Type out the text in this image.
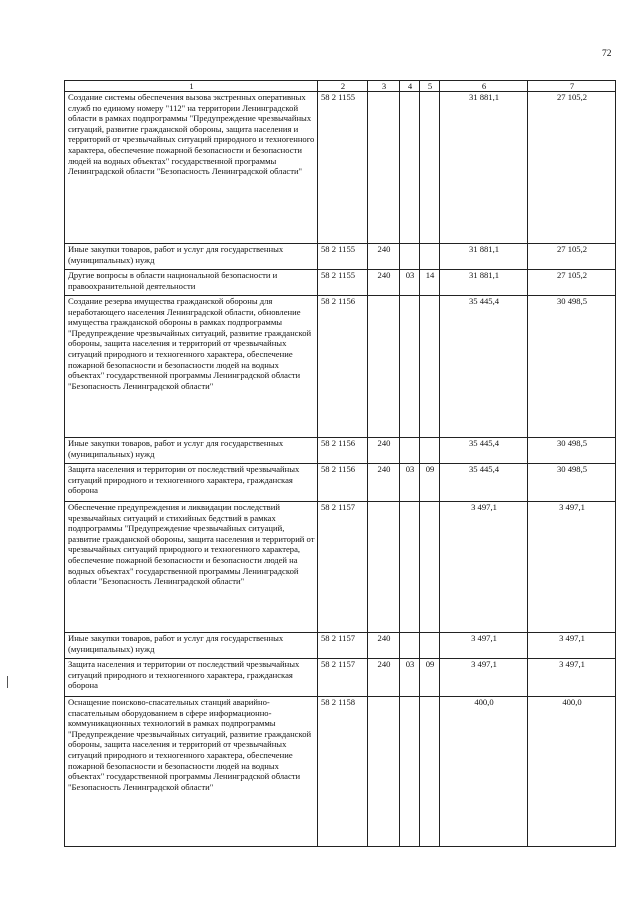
72
1	2	3	4	5	6	7
Создание системы обеспечения вызова экстренных оперативных служб по единому номеру "112" на территории Ленинградской области в рамках подпрограммы "Предупреждение чрезвычайных ситуаций, развитие гражданской обороны, защита населения и территорий от чрезвычайных ситуаций природного и техногенного характера, обеспечение пожарной безопасности и безопасности людей на водных объектах" государственной программы Ленинградской области "Безопасность Ленинградской области"	58 2 1155				31 881,1	27 105,2
Иные закупки товаров, работ и услуг для государственных (муниципальных) нужд	58 2 1155	240			31 881,1	27 105,2
Другие вопросы в области национальной безопасности и правоохранительной деятельности	58 2 1155	240	03	14	31 881,1	27 105,2
Создание резерва имущества гражданской обороны для неработающего населения Ленинградской области, обновление имущества гражданской обороны в рамках подпрограммы "Предупреждение чрезвычайных ситуаций, развитие гражданской обороны, защита населения и территорий от чрезвычайных ситуаций природного и техногенного характера, обеспечение пожарной безопасности и безопасности людей на водных объектах" государственной программы Ленинградской области "Безопасность Ленинградской области"	58 2 1156				35 445,4	30 498,5
Иные закупки товаров, работ и услуг для государственных (муниципальных) нужд	58 2 1156	240			35 445,4	30 498,5
Защита населения и территории от последствий чрезвычайных ситуаций природного и техногенного характера, гражданская оборона	58 2 1156	240	03	09	35 445,4	30 498,5
Обеспечение предупреждения и ликвидации последствий чрезвычайных ситуаций и стихийных бедствий в рамках подпрограммы "Предупреждение чрезвычайных ситуаций, развитие гражданской обороны, защита населения и территорий от чрезвычайных ситуаций природного и техногенного характера, обеспечение пожарной безопасности и безопасности людей на водных объектах" государственной программы Ленинградской области "Безопасность Ленинградской области"	58 2 1157				3 497,1	3 497,1
Иные закупки товаров, работ и услуг для государственных (муниципальных) нужд	58 2 1157	240			3 497,1	3 497,1
Защита населения и территории от последствий чрезвычайных ситуаций природного и техногенного характера, гражданская оборона	58 2 1157	240	03	09	3 497,1	3 497,1
Оснащение поисково-спасательных станций аварийно-спасательным оборудованием в сфере информационно-коммуникационных технологий в рамках подпрограммы "Предупреждение чрезвычайных ситуаций, развитие гражданской обороны, защита населения и территорий от чрезвычайных ситуаций природного и техногенного характера, обеспечение пожарной безопасности и безопасности людей на водных объектах" государственной программы Ленинградской области "Безопасность Ленинградской области"	58 2 1158				400,0	400,0
